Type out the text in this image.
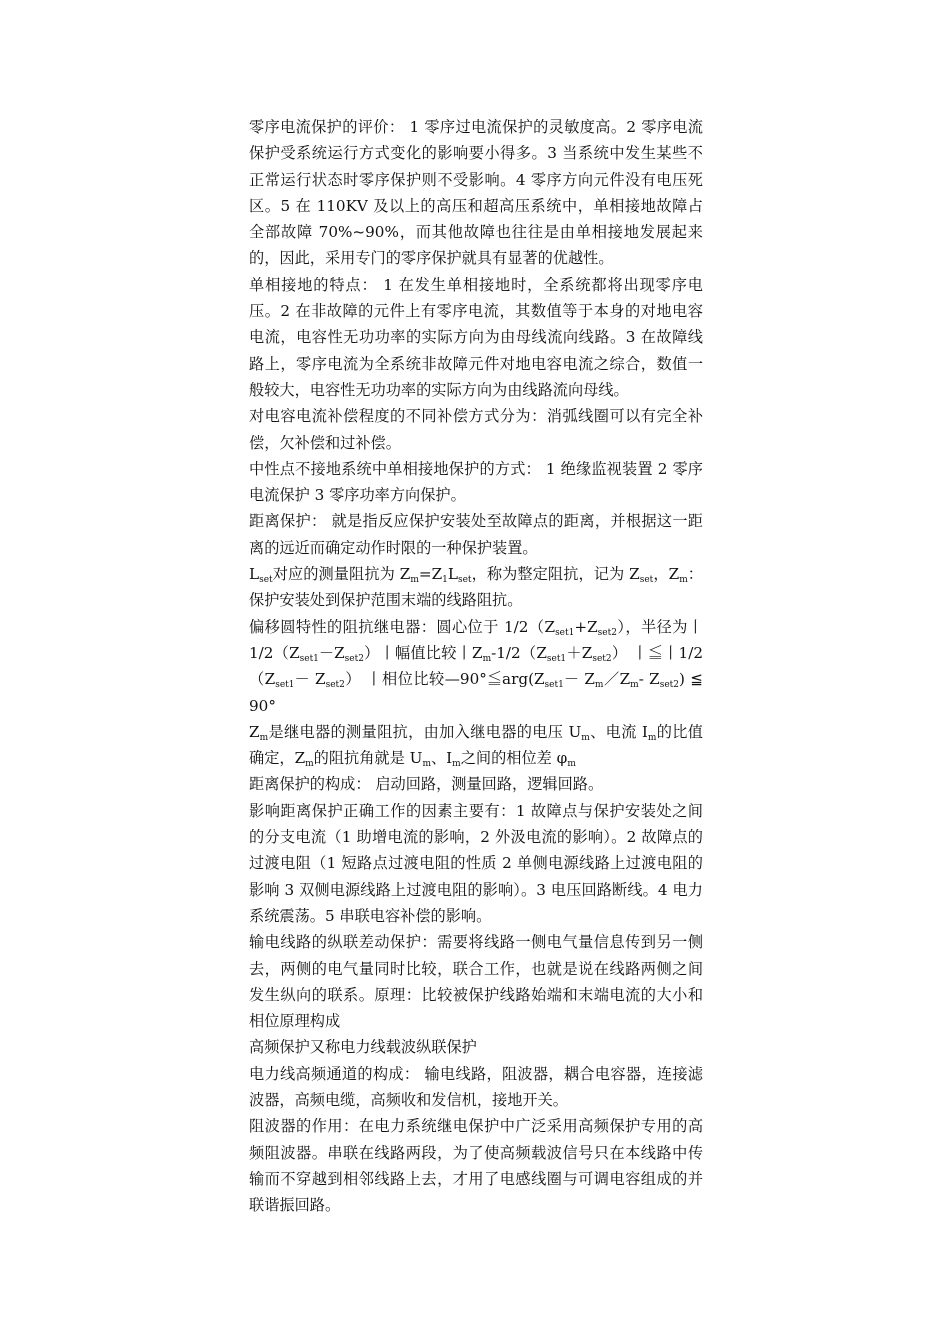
零序电流保护的评价： 1 零序过电流保护的灵敏度高。2 零序电流保护受系统运行方式变化的影响要小得多。3 当系统中发生某些不正常运行状态时零序保护则不受影响。4 零序方向元件没有电压死区。5 在 110KV 及以上的高压和超高压系统中，单相接地故障占全部故障 70%~90%，而其他故障也往往是由单相接地发展起来的，因此，采用专门的零序保护就具有显著的优越性。

单相接地的特点： 1 在发生单相接地时，全系统都将出现零序电压。2 在非故障的元件上有零序电流，其数值等于本身的对地电容电流，电容性无功功率的实际方向为由母线流向线路。3 在故障线路上，零序电流为全系统非故障元件对地电容电流之综合，数值一般较大，电容性无功功率的实际方向为由线路流向母线。

对电容电流补偿程度的不同补偿方式分为：消弧线圈可以有完全补偿，欠补偿和过补偿。

中性点不接地系统中单相接地保护的方式： 1 绝缘监视装置 2 零序电流保护 3 零序功率方向保护。

距离保护： 就是指反应保护安装处至故障点的距离，并根据这一距离的远近而确定动作时限的一种保护装置。

$L_{set}$对应的测量阻抗为 $Z_m=Z_1L_{set}$，称为整定阻抗，记为 $Z_{set}$，$Z_m$：保护安装处到保护范围末端的线路阻抗。

偏移圆特性的阻抗继电器：圆心位于 $1/2(Z_{set1}+Z_{set2})$，半径为丨$1/2(Z_{set1}-Z_{set2})$丨幅值比较丨$Z_m-1/2(Z_{set1}+Z_{set2})$ 丨≦丨$1/2(Z_{set1}- Z_{set2})$ 丨相位比较$—90^\circ≦arg(Z_{set1}-$ $Z_m/Z_m-$ $Z_{set2}$) ≦ 90°

$Z_m$是继电器的测量阻抗，由加入继电器的电压 $U_m$、电流 $I_m$的比值确定，$Z_m$的阻抗角就是 $U_m$、$I_m$之间的相位差 $\varphi_m$

距离保护的构成： 启动回路，测量回路，逻辑回路。

影响距离保护正确工作的因素主要有：1 故障点与保护安装处之间的分支电流（1 助增电流的影响，2 外汲电流的影响）。2 故障点的过渡电阻（1 短路点过渡电阻的性质 2 单侧电源线路上过渡电阻的影响 3 双侧电源线路上过渡电阻的影响）。3 电压回路断线。4 电力系统震荡。5 串联电容补偿的影响。

输电线路的纵联差动保护：需要将线路一侧电气量信息传到另一侧去，两侧的电气量同时比较，联合工作，也就是说在线路两侧之间发生纵向的联系。原理：比较被保护线路始端和末端电流的大小和相位原理构成

高频保护又称电力线载波纵联保护

电力线高频通道的构成： 输电线路，阻波器，耦合电容器，连接滤波器，高频电缆，高频收和发信机，接地开关。

阻波器的作用：在电力系统继电保护中广泛采用高频保护专用的高频阻波器。串联在线路两段，为了使高频载波信号只在本线路中传输而不穿越到相邻线路上去，才用了电感线圈与可调电容组成的并联谐振回路。
